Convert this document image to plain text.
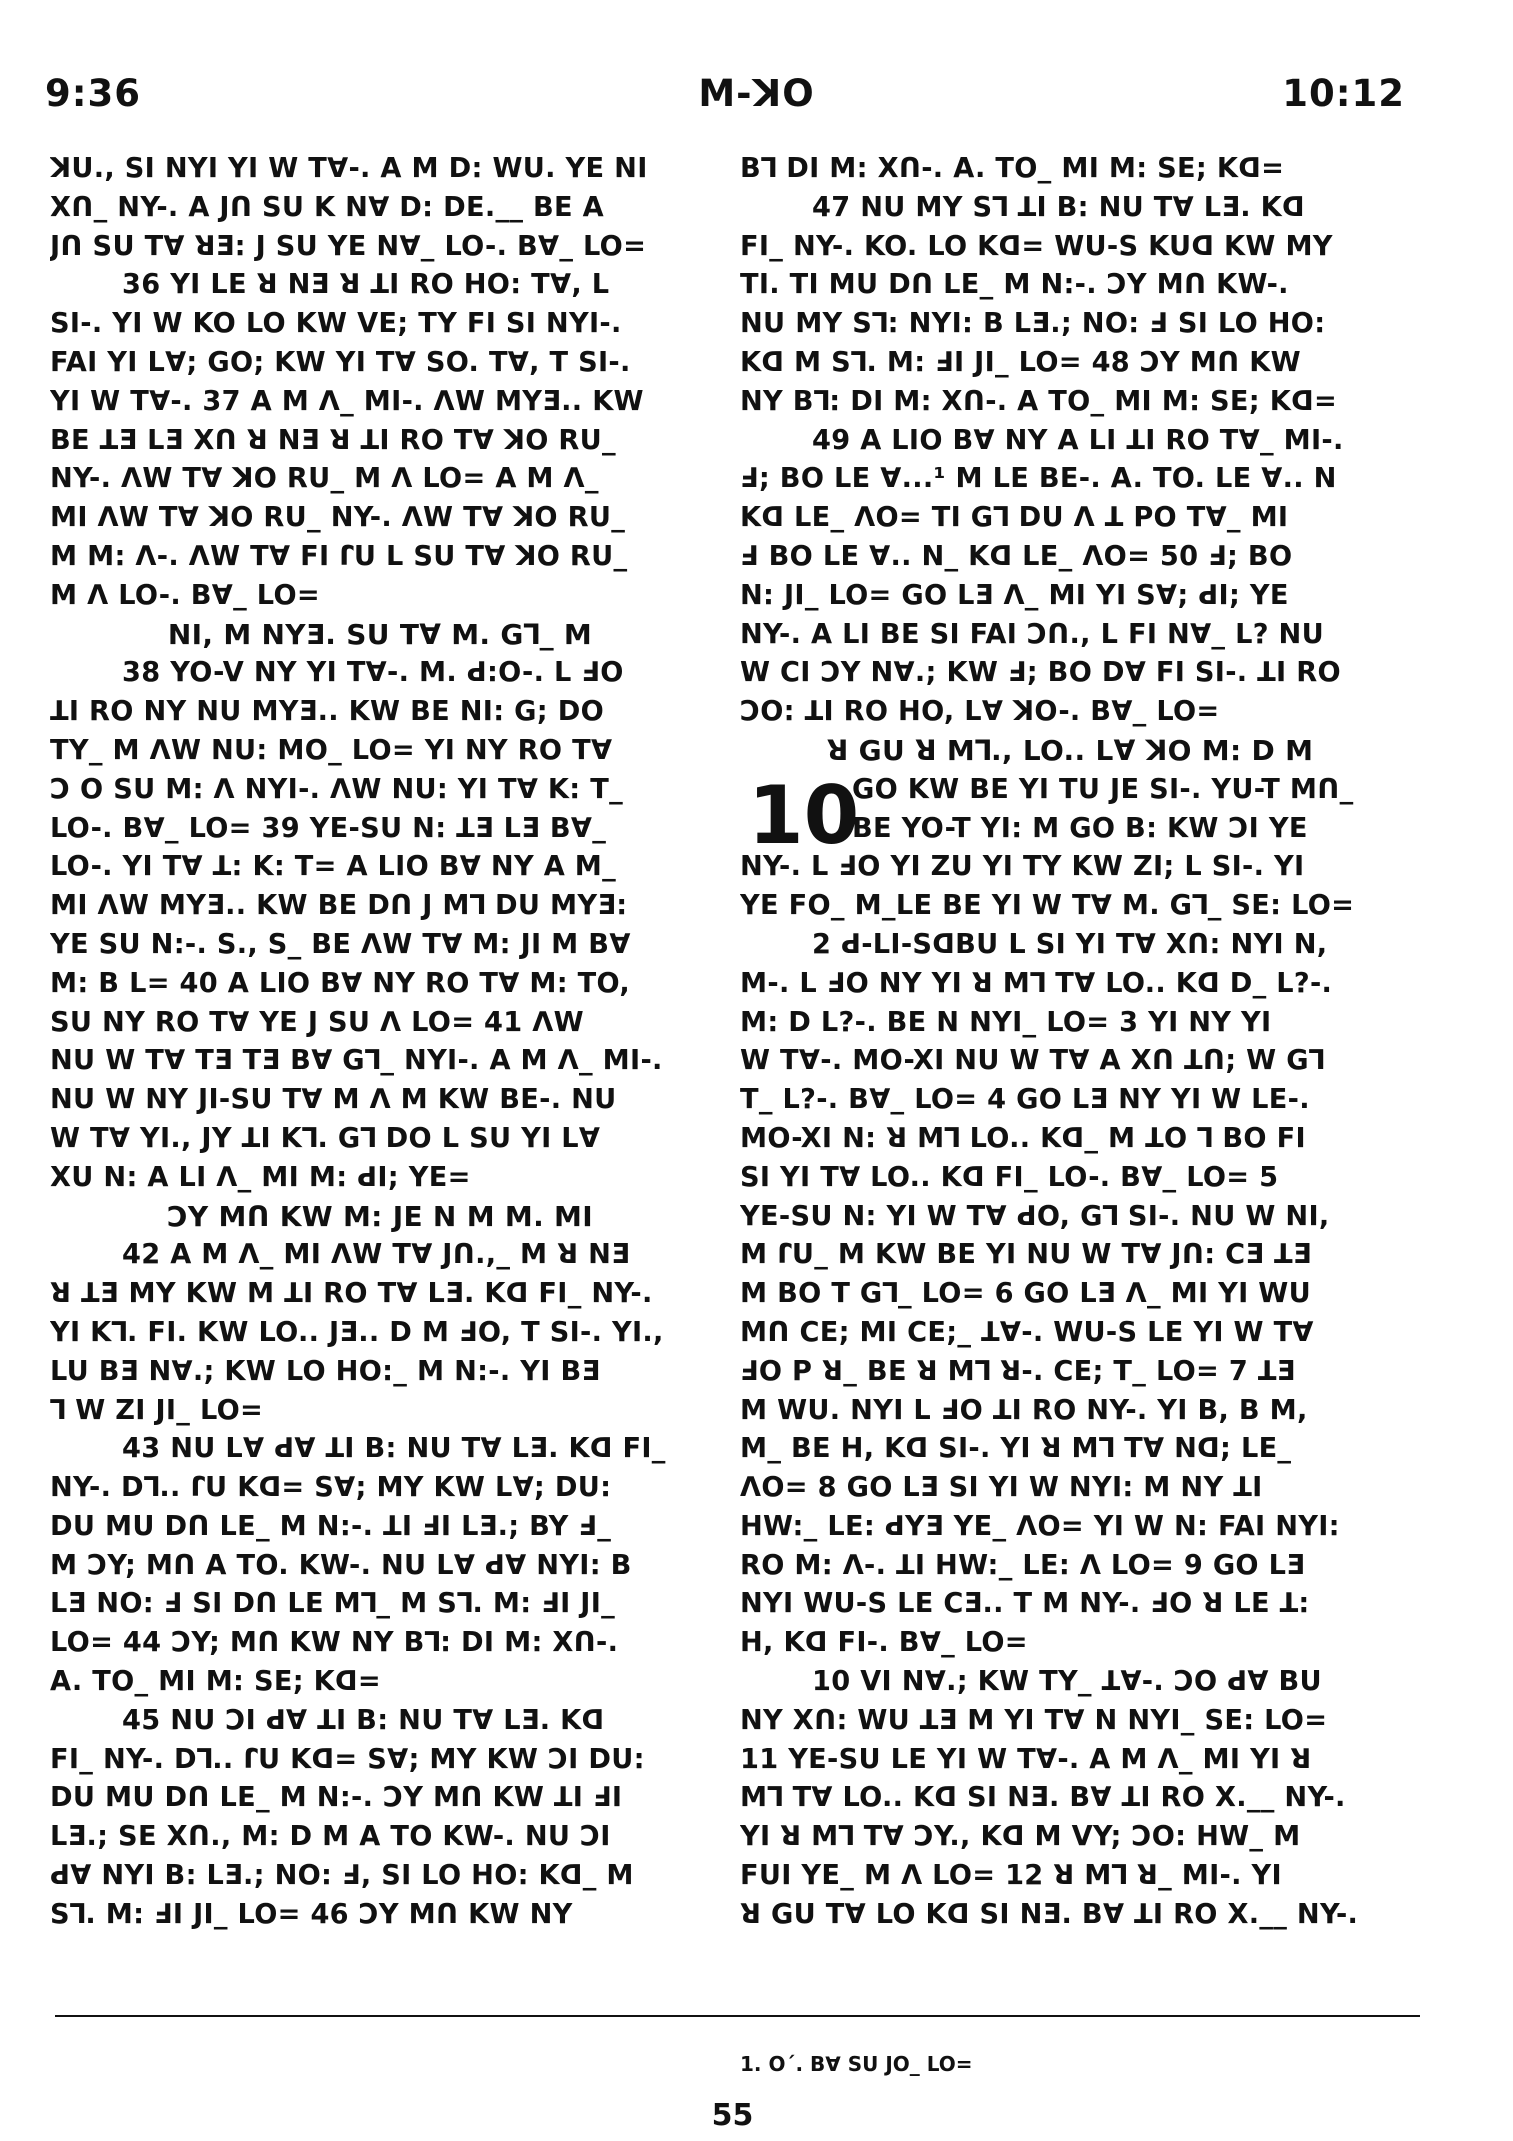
9:36	M-ꓘO	10:12
ꓘU., SI NYI YI W Tꓯ-. A M D: WU. YE NI
Xꓵ_ NY-. A Jꓵ SU K Nꓯ D: DE.__ BE A
Jꓵ SU Tꓯ ꓤƎ: J SU YE Nꓯ_ LO-. Bꓯ_ LO=
36 YI LE ꓤ NƎ ꓤ ꓕI RO HO: Tꓯ, L
SI-. YI W KO LO KW VE; TY FI SI NYI-.
FAI YI Lꓯ; GO; KW YI Tꓯ SO. Tꓯ, T SI-.
YI W Tꓯ-. 37 A M ꓥ_ MI-. ꓥW MYƎ.. KW
BE ꓕƎ LƎ Xꓵ ꓤ NƎ ꓤ ꓕI RO Tꓯ ꓘO RU_
NY-. ꓥW Tꓯ ꓘO RU_ M ꓥ LO= A M ꓥ_
MI ꓥW Tꓯ ꓘO RU_ NY-. ꓥW Tꓯ ꓘO RU_
M M: ꓥ-. ꓥW Tꓯ FI ꓩU L SU Tꓯ ꓘO RU_
M ꓥ LO-. Bꓯ_ LO=
NI, M NYƎ. SU Tꓯ M. Gꓶ_ M
38 YO-V NY YI Tꓯ-. M. ꓒ:O-. L ꓞO
ꓕI RO NY NU MYƎ.. KW BE NI: G; DO
TY_ M ꓥW NU: MO_ LO= YI NY RO Tꓯ
Ɔ O SU M: ꓥ NYI-. ꓥW NU: YI Tꓯ K: T_
LO-. Bꓯ_ LO= 39 YE-SU N: ꓕƎ LƎ Bꓯ_
LO-. YI Tꓯ ꓕ: K: T= A LIO Bꓯ NY A M_
MI ꓥW MYƎ.. KW BE Dꓵ J Mꓶ DU MYƎ:
YE SU N:-. S., S_ BE ꓥW Tꓯ M: JI M Bꓯ
M: B L= 40 A LIO Bꓯ NY RO Tꓯ M: TO,
SU NY RO Tꓯ YE J SU ꓥ LO= 41 ꓥW
NU W Tꓯ TƎ TƎ Bꓯ Gꓶ_ NYI-. A M ꓥ_ MI-.
NU W NY JI-SU Tꓯ M ꓥ M KW BE-. NU
W Tꓯ YI., JY ꓕI Kꓶ. Gꓶ DO L SU YI Lꓯ
XU N: A LI ꓥ_ MI M: ꓒI; YE=
ƆY Mꓵ KW M: JE N M M. MI
42 A M ꓥ_ MI ꓥW Tꓯ Jꓵ.,_ M ꓤ NƎ
ꓤ ꓕƎ MY KW M ꓕI RO Tꓯ LƎ. Kꓷ FI_ NY-.
YI Kꓶ. FI. KW LO.. JƎ.. D M ꓞO, T SI-. YI.,
LU BƎ Nꓯ.; KW LO HO:_ M N:-. YI BƎ
ꓶ W ZI JI_ LO=
43 NU Lꓯ ꓒꓯ ꓕI B: NU Tꓯ LƎ. Kꓷ FI_
NY-. Dꓶ.. ꓩU Kꓷ= Sꓯ; MY KW Lꓯ; DU:
DU MU Dꓵ LE_ M N:-. ꓕI ꓞI LƎ.; BY ꓞ_
M ƆY; Mꓵ A TO. KW-. NU Lꓯ ꓒꓯ NYI: B
LƎ NO: ꓞ SI Dꓵ LE Mꓶ_ M Sꓶ. M: ꓞI JI_
LO= 44 ƆY; Mꓵ KW NY Bꓶ: DI M: Xꓵ-.
A. TO_ MI M: SE; Kꓷ=
45 NU ƆI ꓒꓯ ꓕI B: NU Tꓯ LƎ. Kꓷ
FI_ NY-. Dꓶ.. ꓩU Kꓷ= Sꓯ; MY KW ƆI DU:
DU MU Dꓵ LE_ M N:-. ƆY Mꓵ KW ꓕI ꓞI
LƎ.; SE Xꓵ., M: D M A TO KW-. NU ƆI
ꓒꓯ NYI B: LƎ.; NO: ꓞ, SI LO HO: Kꓷ_ M
Sꓶ. M: ꓞI JI_ LO= 46 ƆY Mꓵ KW NY
Bꓶ DI M: Xꓵ-. A. TO_ MI M: SE; Kꓷ=
47 NU MY Sꓶ ꓕI B: NU Tꓯ LƎ. Kꓷ
FI_ NY-. KO. LO Kꓷ= WU-S KUꓷ KW MY
TI. TI MU Dꓵ LE_ M N:-. ƆY Mꓵ KW-.
NU MY Sꓶ: NYI: B LƎ.; NO: ꓞ SI LO HO:
Kꓷ M Sꓶ. M: ꓞI JI_ LO= 48 ƆY Mꓵ KW
NY Bꓶ: DI M: Xꓵ-. A TO_ MI M: SE; Kꓷ=
49 A LIO Bꓯ NY A LI ꓕI RO Tꓯ_ MI-.
ꓞ; BO LE ꓯ...¹ M LE BE-. A. TO. LE ꓯ.. N
Kꓷ LE_ ꓥO= TI Gꓶ DU ꓥ ꓕ PO Tꓯ_ MI
ꓞ BO LE ꓯ.. N_ Kꓷ LE_ ꓥO= 50 ꓞ; BO
N: JI_ LO= GO LƎ ꓥ_ MI YI Sꓯ; ꓒI; YE
NY-. A LI BE SI FAI Ɔꓵ., L FI Nꓯ_ L? NU
W CI ƆY Nꓯ.; KW ꓞ; BO Dꓯ FI SI-. ꓕI RO
ƆO: ꓕI RO HO, Lꓯ ꓘO-. Bꓯ_ LO=
ꓤ GU ꓤ Mꓶ., LO.. Lꓯ ꓘO M: D M
10
GO KW BE YI TU JE SI-. YU-T Mꓵ_
BE YO-T YI: M GO B: KW ƆI YE
NY-. L ꓞO YI ZU YI TY KW ZI; L SI-. YI
YE FO_ M_LE BE YI W Tꓯ M. Gꓶ_ SE: LO=
2 ꓒ-LI-SꓷBU L SI YI Tꓯ Xꓵ: NYI N,
M-. L ꓞO NY YI ꓤ Mꓶ Tꓯ LO.. Kꓷ D_ L?-.
M: D L?-. BE N NYI_ LO= 3 YI NY YI
W Tꓯ-. MO-XI NU W Tꓯ A Xꓵ ꓕꓵ; W Gꓶ
T_ L?-. Bꓯ_ LO= 4 GO LƎ NY YI W LE-.
MO-XI N: ꓤ Mꓶ LO.. Kꓷ_ M ꓕO ꓶ BO FI
SI YI Tꓯ LO.. Kꓷ FI_ LO-. Bꓯ_ LO= 5
YE-SU N: YI W Tꓯ ꓒO, Gꓶ SI-. NU W NI,
M ꓩU_ M KW BE YI NU W Tꓯ Jꓵ: CƎ ꓕƎ
M BO T Gꓶ_ LO= 6 GO LƎ ꓥ_ MI YI WU
Mꓵ CE; MI CE;_ ꓕꓯ-. WU-S LE YI W Tꓯ
ꓞO P ꓤ_ BE ꓤ Mꓶ ꓤ-. CE; T_ LO= 7 ꓕƎ
M WU. NYI L ꓞO ꓕI RO NY-. YI B, B M,
M_ BE H, Kꓷ SI-. YI ꓤ Mꓶ Tꓯ Nꓷ; LE_
ꓥO= 8 GO LƎ SI YI W NYI: M NY ꓕI
HW:_ LE: ꓒYƎ YE_ ꓥO= YI W N: FAI NYI:
RO M: ꓥ-. ꓕI HW:_ LE: ꓥ LO= 9 GO LƎ
NYI WU-S LE CƎ.. T M NY-. ꓞO ꓤ LE ꓕ:
H, Kꓷ FI-. Bꓯ_ LO=
10 VI Nꓯ.; KW TY_ ꓕꓯ-. ƆO ꓒꓯ BU
NY Xꓵ: WU ꓕƎ M YI Tꓯ N NYI_ SE: LO=
11 YE-SU LE YI W Tꓯ-. A M ꓥ_ MI YI ꓤ
Mꓶ Tꓯ LO.. Kꓷ SI NƎ. Bꓯ ꓕI RO X.__ NY-.
YI ꓤ Mꓶ Tꓯ ƆY., Kꓷ M VY; ƆO: HW_ M
FUI YE_ M ꓥ LO= 12 ꓤ Mꓶ ꓤ_ MI-. YI
ꓤ GU Tꓯ LO Kꓷ SI NƎ. Bꓯ ꓕI RO X.__ NY-.
1. O´. Bꓯ SU JO_ LO=
55
